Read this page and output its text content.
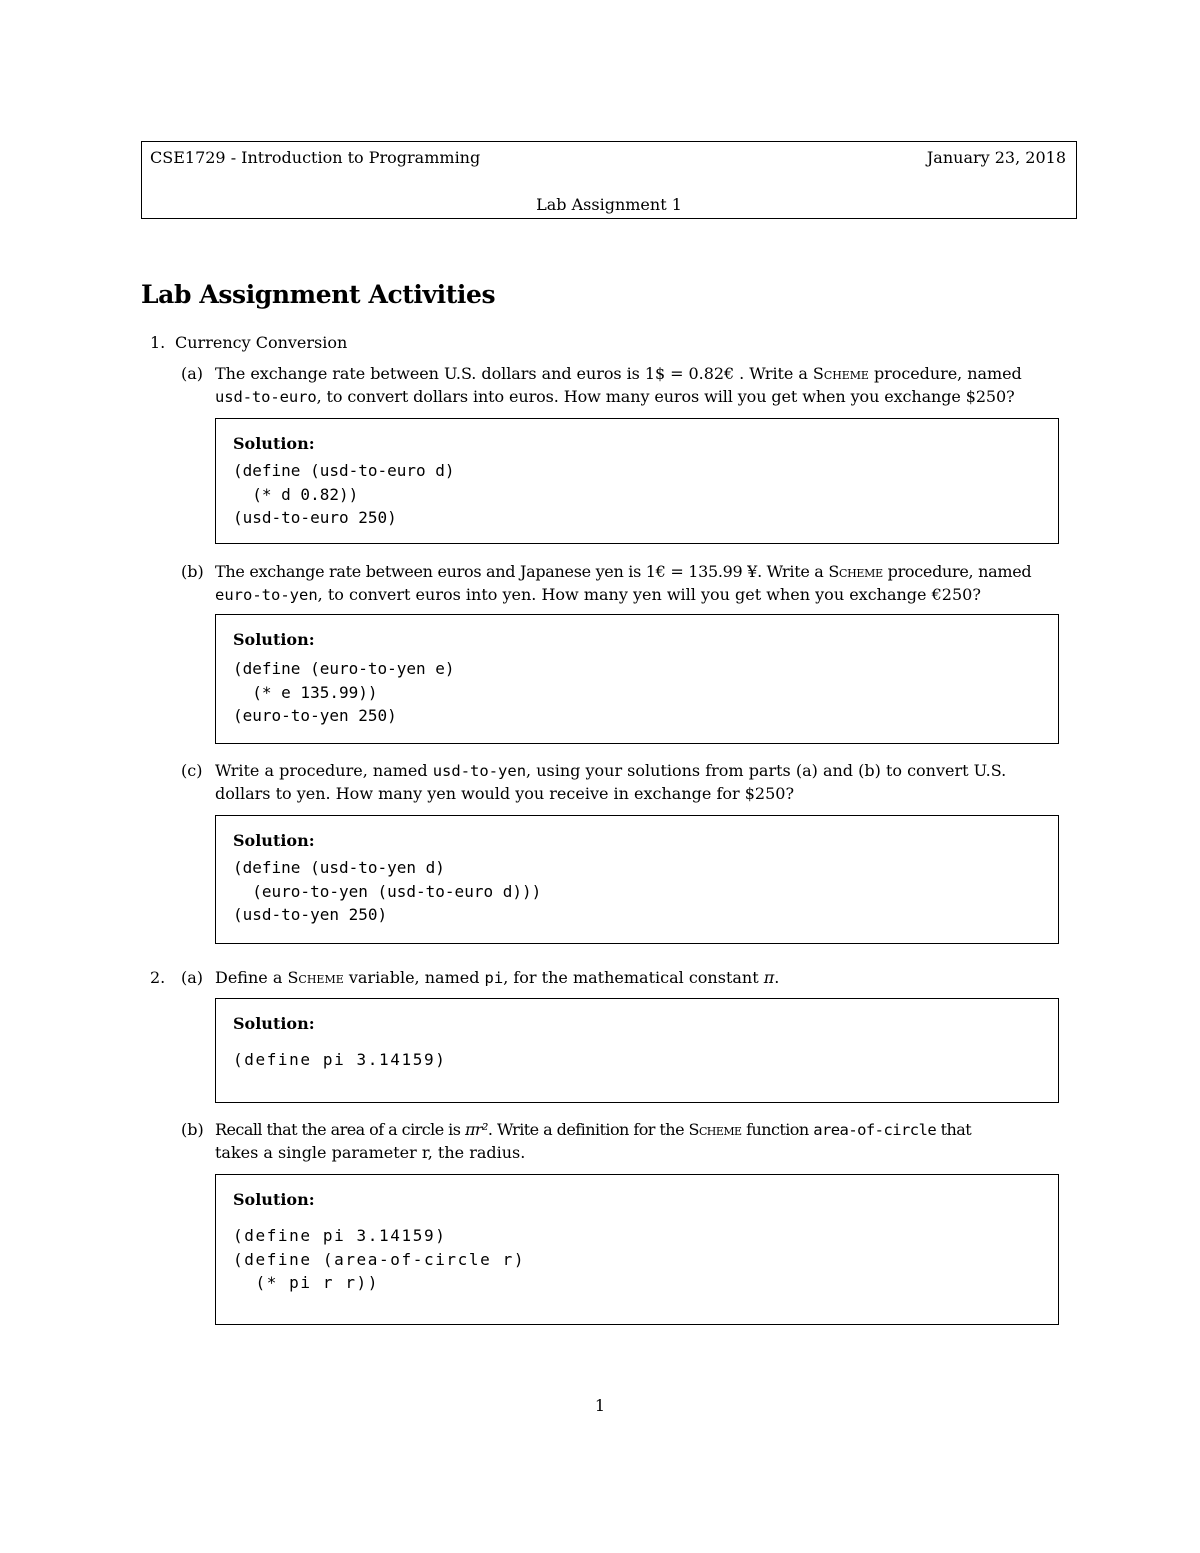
CSE1729 - Introduction to Programming	January 23, 2018
Lab Assignment 1
Lab Assignment Activities
1. Currency Conversion
(a) The exchange rate between U.S. dollars and euros is 1$ = 0.82€ . Write a Scheme procedure, named
usd-to-euro, to convert dollars into euros. How many euros will you get when you exchange $250?
Solution:
(define (usd-to-euro d)
(* d 0.82))
(usd-to-euro 250)
(b) The exchange rate between euros and Japanese yen is 1€ = 135.99 ¥. Write a Scheme procedure, named
euro-to-yen, to convert euros into yen. How many yen will you get when you exchange €250?
Solution:
(define (euro-to-yen e)
(* e 135.99))
(euro-to-yen 250)
(c) Write a procedure, named usd-to-yen, using your solutions from parts (a) and (b) to convert U.S.
dollars to yen. How many yen would you receive in exchange for $250?
Solution:
(define (usd-to-yen d)
(euro-to-yen (usd-to-euro d)))
(usd-to-yen 250)
2. (a) Define a Scheme variable, named pi, for the mathematical constant π.
Solution:
(define pi 3.14159)
(b) Recall that the area of a circle is πr². Write a definition for the Scheme function area-of-circle that
takes a single parameter r, the radius.
Solution:
(define pi 3.14159)
(define (area-of-circle r)
(* pi r r))
1
